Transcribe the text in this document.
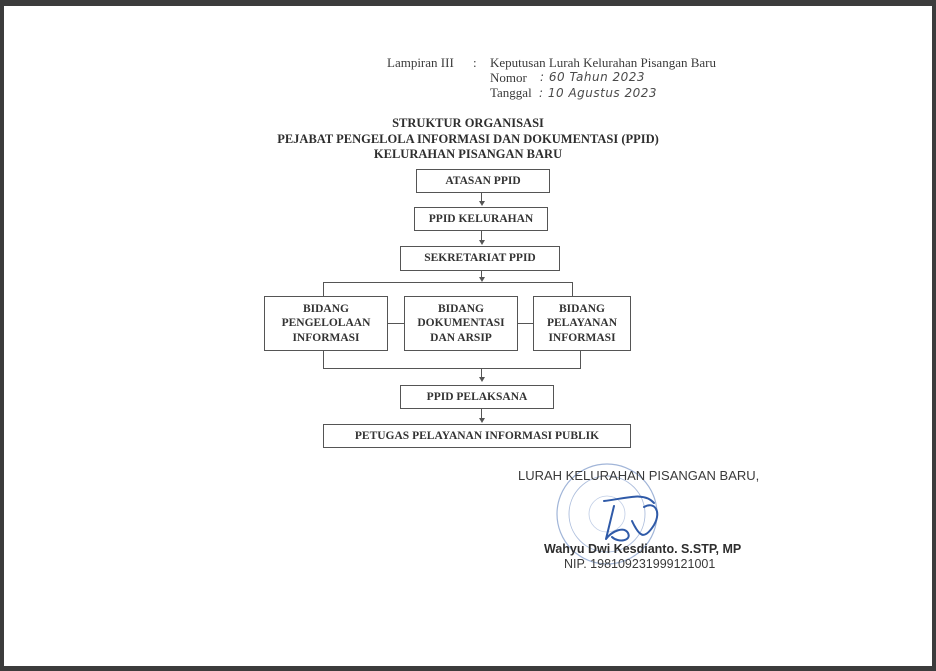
Lampiran III : Keputusan Lurah Kelurahan Pisangan Baru
Nomor : 60 Tahun 2023
Tanggal : 10 Agustus 2023
STRUKTUR ORGANISASI
PEJABAT PENGELOLA INFORMASI DAN DOKUMENTASI (PPID)
KELURAHAN PISANGAN BARU
ATASAN PPID
PPID KELURAHAN
SEKRETARIAT PPID
BIDANG
PENGELOLAAN
INFORMASI
BIDANG
DOKUMENTASI
DAN ARSIP
BIDANG
PELAYANAN
INFORMASI
PPID PELAKSANA
PETUGAS PELAYANAN INFORMASI PUBLIK
LURAH KELURAHAN PISANGAN BARU,
Wahyu Dwi Kesdianto. S.STP, MP
NIP. 198109231999121001
